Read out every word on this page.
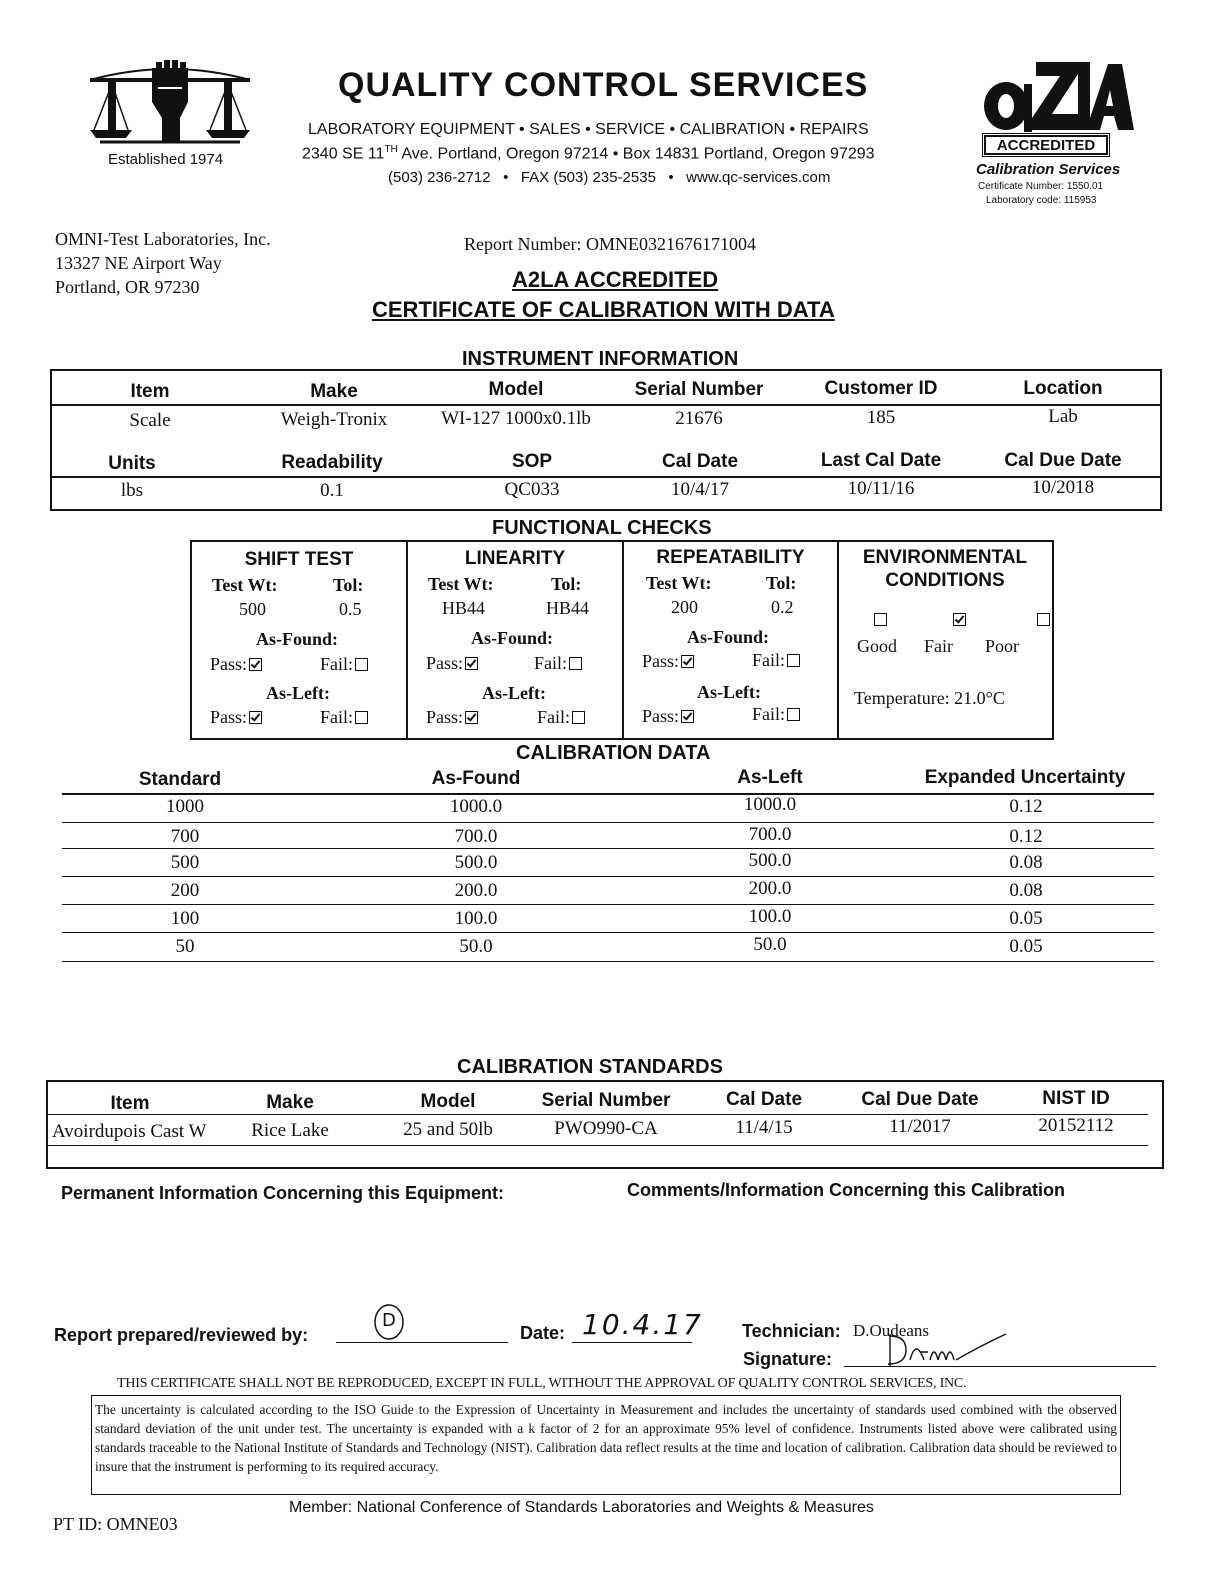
Established 1974
QUALITY CONTROL SERVICES
LABORATORY EQUIPMENT • SALES • SERVICE • CALIBRATION • REPAIRS
2340 SE 11TH Ave. Portland, Oregon 97214 • Box 14831 Portland, Oregon 97293
(503) 236-2712   •   FAX (503) 235-2535   •   www.qc-services.com
ACCREDITED
Calibration Services
Certificate Number: 1550.01
Laboratory code: 115953
OMNI-Test Laboratories, Inc.
13327 NE Airport Way
Portland, OR 97230
Report Number: OMNE0321676171004
A2LA ACCREDITED
CERTIFICATE OF CALIBRATION WITH DATA
INSTRUMENT INFORMATION
Item	Make	Model	Serial Number	Customer ID	Location
Scale	Weigh-Tronix	WI-127 1000x0.1lb	21676	185	Lab
Units	Readability	SOP	Cal Date	Last Cal Date	Cal Due Date
lbs	0.1	QC033	10/4/17	10/11/16	10/2018
FUNCTIONAL CHECKS
SHIFT TEST
Test Wt:	Tol:
500	0.5
As-Found:
Pass:	Fail:
As-Left:
Pass:	Fail:
LINEARITY
Test Wt:	Tol:
HB44	HB44
As-Found:
Pass:	Fail:
As-Left:
Pass:	Fail:
REPEATABILITY
Test Wt:	Tol:
200	0.2
As-Found:
Pass:	Fail:
As-Left:
Pass:	Fail:
ENVIRONMENTAL
CONDITIONS

Good Fair Poor
Temperature: 21.0°C
CALIBRATION DATA
Standard	As-Found	As-Left	Expanded Uncertainty
1000	1000.0	1000.0	0.12
700	700.0	700.0	0.12
500	500.0	500.0	0.08
200	200.0	200.0	0.08
100	100.0	100.0	0.05
50	50.0	50.0	0.05
CALIBRATION STANDARDS
Item	Make	Model	Serial Number	Cal Date	Cal Due Date	NIST ID
Avoirdupois Cast W	Rice Lake	25 and 50lb	PWO990-CA	11/4/15	11/2017	20152112
Permanent Information Concerning this Equipment:	Comments/Information Concerning this Calibration
Report prepared/reviewed by:
D
Date: 10.4.17 Technician: D.Oudeans
Signature:
THIS CERTIFICATE SHALL NOT BE REPRODUCED, EXCEPT IN FULL, WITHOUT THE APPROVAL OF QUALITY CONTROL SERVICES, INC.
The uncertainty is calculated according to the ISO Guide to the Expression of Uncertainty in Measurement and includes the uncertainty of standards used combined with the observed standard deviation of the unit under test. The uncertainty is expanded with a k factor of 2 for an approximate 95% level of confidence. Instruments listed above were calibrated using standards traceable to the National Institute of Standards and Technology (NIST). Calibration data reflect results at the time and location of calibration. Calibration data should be reviewed to insure that the instrument is performing to its required accuracy.
Member: National Conference of Standards Laboratories and Weights & Measures
PT ID: OMNE03
